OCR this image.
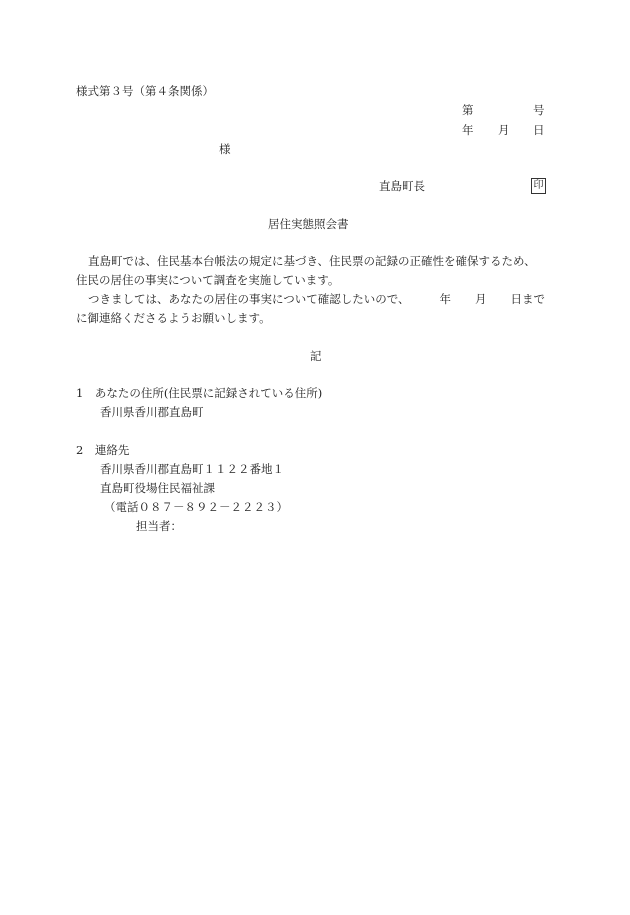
様式第３号（第４条関係）
第	号
年 月 日
様
直島町長	印
居住実態照会書
直島町では、住民基本台帳法の規定に基づき、住民票の記録の正確性を確保するため、
住民の居住の事実について調査を実施しています。
つきましては、あなたの居住の事実について確認したいので、	年 月 日まで
に御連絡くださるようお願いします。
記
1　あなたの住所(住民票に記録されている住所)
香川県香川郡直島町
2　連絡先
香川県香川郡直島町１１２２番地１
直島町役場住民福祉課
（電話０８７－８９２－２２２３）
担当者：
